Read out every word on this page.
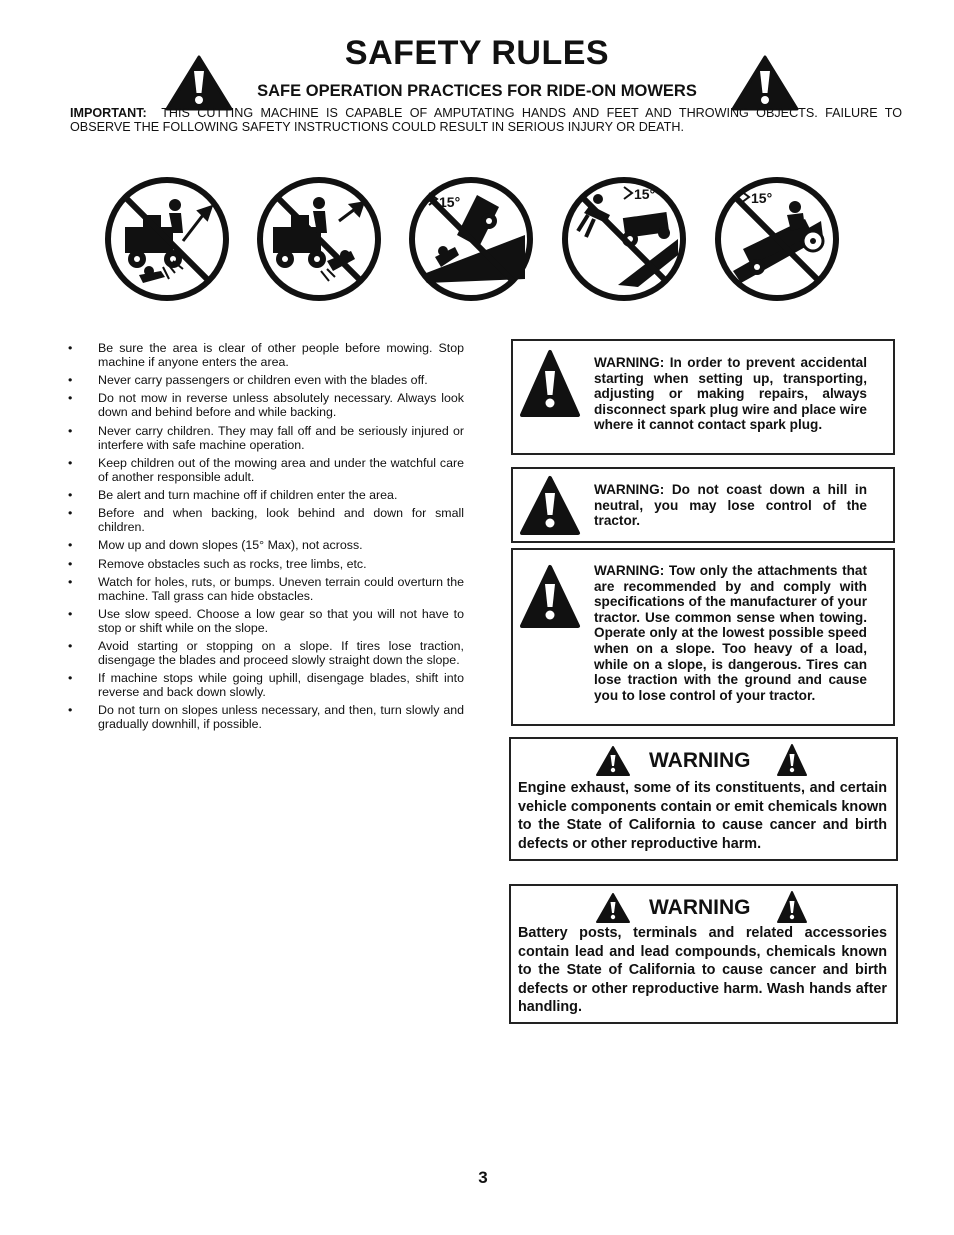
SAFETY RULES
SAFE OPERATION PRACTICES FOR RIDE-ON MOWERS
IMPORTANT: THIS CUTTING MACHINE IS CAPABLE OF AMPUTATING HANDS AND FEET AND THROWING OBJECTS. FAILURE TO OBSERVE THE FOLLOWING SAFETY INSTRUCTIONS COULD RESULT IN SERIOUS INJURY OR DEATH.
15°	15°	15°
• Be sure the area is clear of other people before mowing. Stop machine if anyone enters the area.
• Never carry passengers or children even with the blades off.
• Do not mow in reverse unless absolutely necessary. Always look down and behind before and while backing.
• Never carry children. They may fall off and be seriously injured or interfere with safe machine operation.
• Keep children out of the mowing area and under the watchful care of another responsible adult.
• Be alert and turn machine off if children enter the area.
• Before and when backing, look behind and down for small children.
• Mow up and down slopes (15° Max), not across.
• Remove obstacles such as rocks, tree limbs, etc.
• Watch for holes, ruts, or bumps. Uneven terrain could overturn the machine. Tall grass can hide obstacles.
• Use slow speed. Choose a low gear so that you will not have to stop or shift while on the slope.
• Avoid starting or stopping on a slope. If tires lose traction, disengage the blades and proceed slowly straight down the slope.
• If machine stops while going uphill, disengage blades, shift into reverse and back down slowly.
• Do not turn on slopes unless necessary, and then, turn slowly and gradually downhill, if possible.
WARNING: In order to prevent accidental starting when setting up, transporting, adjusting or making repairs, always disconnect spark plug wire and place wire where it cannot contact spark plug.
WARNING: Do not coast down a hill in neutral, you may lose control of the tractor.
WARNING: Tow only the attachments that are recommended by and comply with specifications of the manufacturer of your tractor. Use common sense when towing. Operate only at the lowest possible speed when on a slope. Too heavy of a load, while on a slope, is dangerous. Tires can lose traction with the ground and cause you to lose control of your tractor.
WARNING
Engine exhaust, some of its constituents, and certain vehicle components contain or emit chemicals known to the State of California to cause cancer and birth defects or other reproductive harm.
WARNING
Battery posts, terminals and related accessories contain lead and lead compounds, chemicals known to the State of California to cause cancer and birth defects or other reproductive harm. Wash hands after handling.
3
